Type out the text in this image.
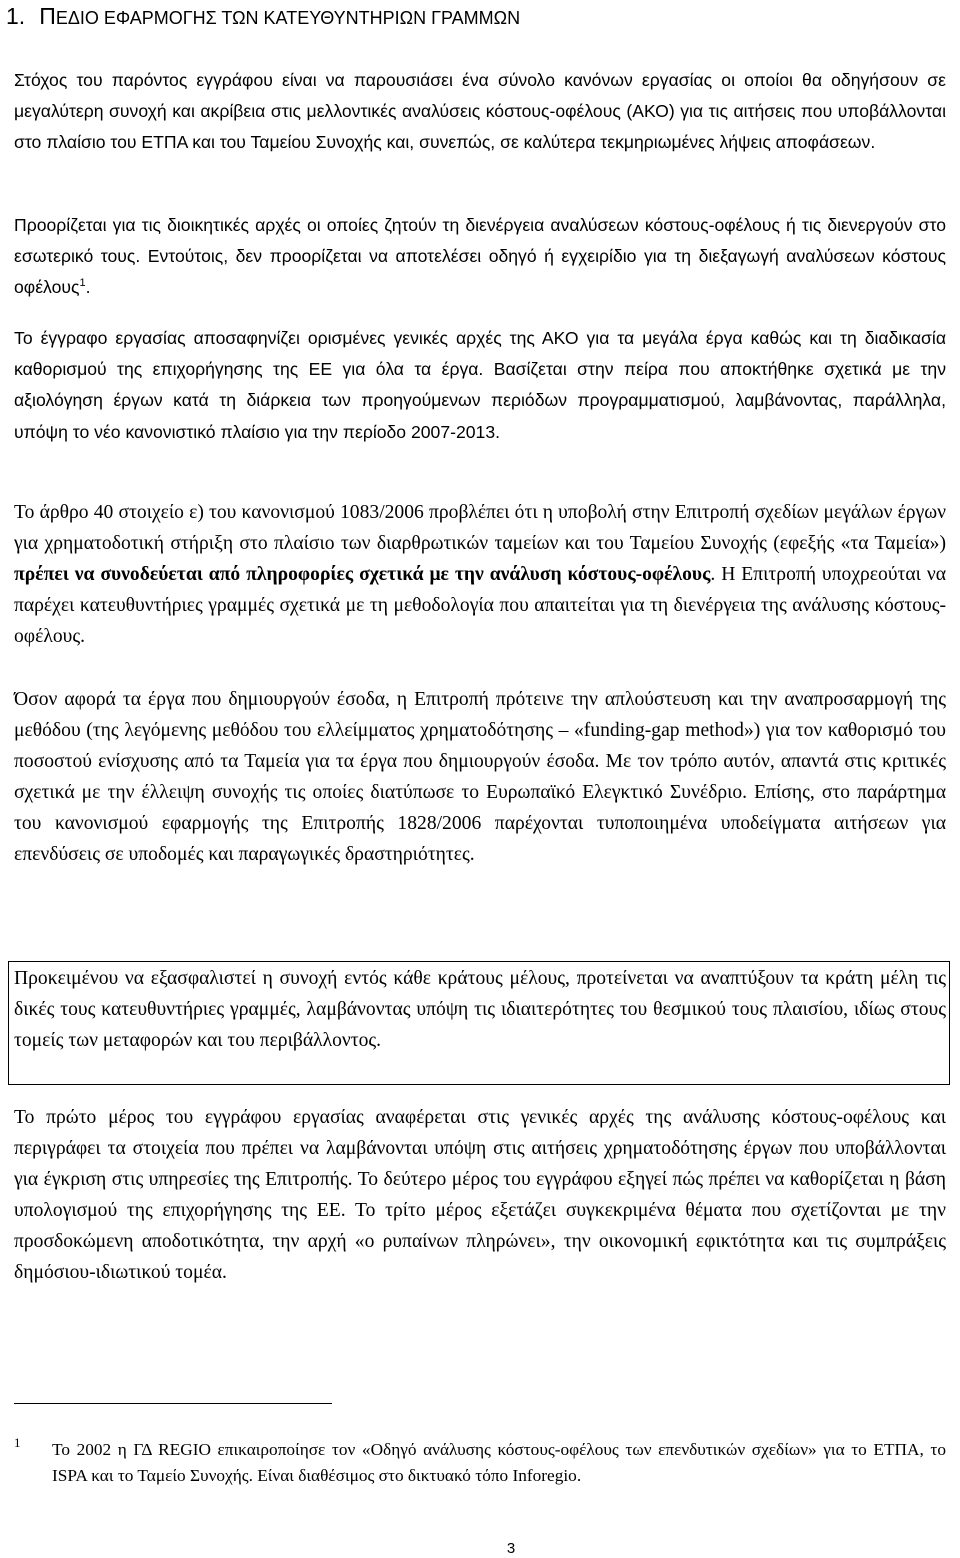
1. ΠΕΔΙΟ ΕΦΑΡΜΟΓΗΣ ΤΩΝ ΚΑΤΕΥΘΥΝΤΗΡΙΩΝ ΓΡΑΜΜΩΝ

Στόχος του παρόντος εγγράφου είναι να παρουσιάσει ένα σύνολο κανόνων εργασίας οι οποίοι θα οδηγήσουν σε μεγαλύτερη συνοχή και ακρίβεια στις μελλοντικές αναλύσεις κόστους-οφέλους (ΑΚΟ) για τις αιτήσεις που υποβάλλονται στο πλαίσιο του ΕΤΠΑ και του Ταμείου Συνοχής και, συνεπώς, σε καλύτερα τεκμηριωμένες λήψεις αποφάσεων.

Προορίζεται για τις διοικητικές αρχές οι οποίες ζητούν τη διενέργεια αναλύσεων κόστους-οφέλους ή τις διενεργούν στο εσωτερικό τους. Εντούτοις, δεν προορίζεται να αποτελέσει οδηγό ή εγχειρίδιο για τη διεξαγωγή αναλύσεων κόστους οφέλους$^1$.

Το έγγραφο εργασίας αποσαφηνίζει ορισμένες γενικές αρχές της ΑΚΟ για τα μεγάλα έργα καθώς και τη διαδικασία καθορισμού της επιχορήγησης της ΕΕ για όλα τα έργα. Βασίζεται στην πείρα που αποκτήθηκε σχετικά με την αξιολόγηση έργων κατά τη διάρκεια των προηγούμενων περιόδων προγραμματισμού, λαμβάνοντας, παράλληλα, υπόψη το νέο κανονιστικό πλαίσιο για την περίοδο 2007-2013.

Το άρθρο 40 στοιχείο ε) του κανονισμού 1083/2006 προβλέπει ότι η υποβολή στην Επιτροπή σχεδίων μεγάλων έργων για χρηματοδοτική στήριξη στο πλαίσιο των διαρθρωτικών ταμείων και του Ταμείου Συνοχής (εφεξής «τα Ταμεία») πρέπει να συνοδεύεται από πληροφορίες σχετικά με την ανάλυση κόστους-οφέλους. Η Επιτροπή υποχρεούται να παρέχει κατευθυντήριες γραμμές σχετικά με τη μεθοδολογία που απαιτείται για τη διενέργεια της ανάλυσης κόστους-οφέλους.

Όσον αφορά τα έργα που δημιουργούν έσοδα, η Επιτροπή πρότεινε την απλούστευση και την αναπροσαρμογή της μεθόδου (της λεγόμενης μεθόδου του ελλείμματος χρηματοδότησης – «funding-gap method») για τον καθορισμό του ποσοστού ενίσχυσης από τα Ταμεία για τα έργα που δημιουργούν έσοδα. Με τον τρόπο αυτόν, απαντά στις κριτικές σχετικά με την έλλειψη συνοχής τις οποίες διατύπωσε το Ευρωπαϊκό Ελεγκτικό Συνέδριο. Επίσης, στο παράρτημα του κανονισμού εφαρμογής της Επιτροπής 1828/2006 παρέχονται τυποποιημένα υποδείγματα αιτήσεων για επενδύσεις σε υποδομές και παραγωγικές δραστηριότητες.

Προκειμένου να εξασφαλιστεί η συνοχή εντός κάθε κράτους μέλους, προτείνεται να αναπτύξουν τα κράτη μέλη τις δικές τους κατευθυντήριες γραμμές, λαμβάνοντας υπόψη τις ιδιαιτερότητες του θεσμικού τους πλαισίου, ιδίως στους τομείς των μεταφορών και του περιβάλλοντος.

Το πρώτο μέρος του εγγράφου εργασίας αναφέρεται στις γενικές αρχές της ανάλυσης κόστους-οφέλους και περιγράφει τα στοιχεία που πρέπει να λαμβάνονται υπόψη στις αιτήσεις χρηματοδότησης έργων που υποβάλλονται για έγκριση στις υπηρεσίες της Επιτροπής. Το δεύτερο μέρος του εγγράφου εξηγεί πώς πρέπει να καθορίζεται η βάση υπολογισμού της επιχορήγησης της ΕΕ. Το τρίτο μέρος εξετάζει συγκεκριμένα θέματα που σχετίζονται με την προσδοκώμενη αποδοτικότητα, την αρχή «ο ρυπαίνων πληρώνει», την οικονομική εφικτότητα και τις συμπράξεις δημόσιου-ιδιωτικού τομέα.

1 Το 2002 η ΓΔ REGIO επικαιροποίησε τον «Οδηγό ανάλυσης κόστους-οφέλους των επενδυτικών σχεδίων» για το ΕΤΠΑ, το ISPA και το Ταμείο Συνοχής. Είναι διαθέσιμος στο δικτυακό τόπο Inforegio.

3
